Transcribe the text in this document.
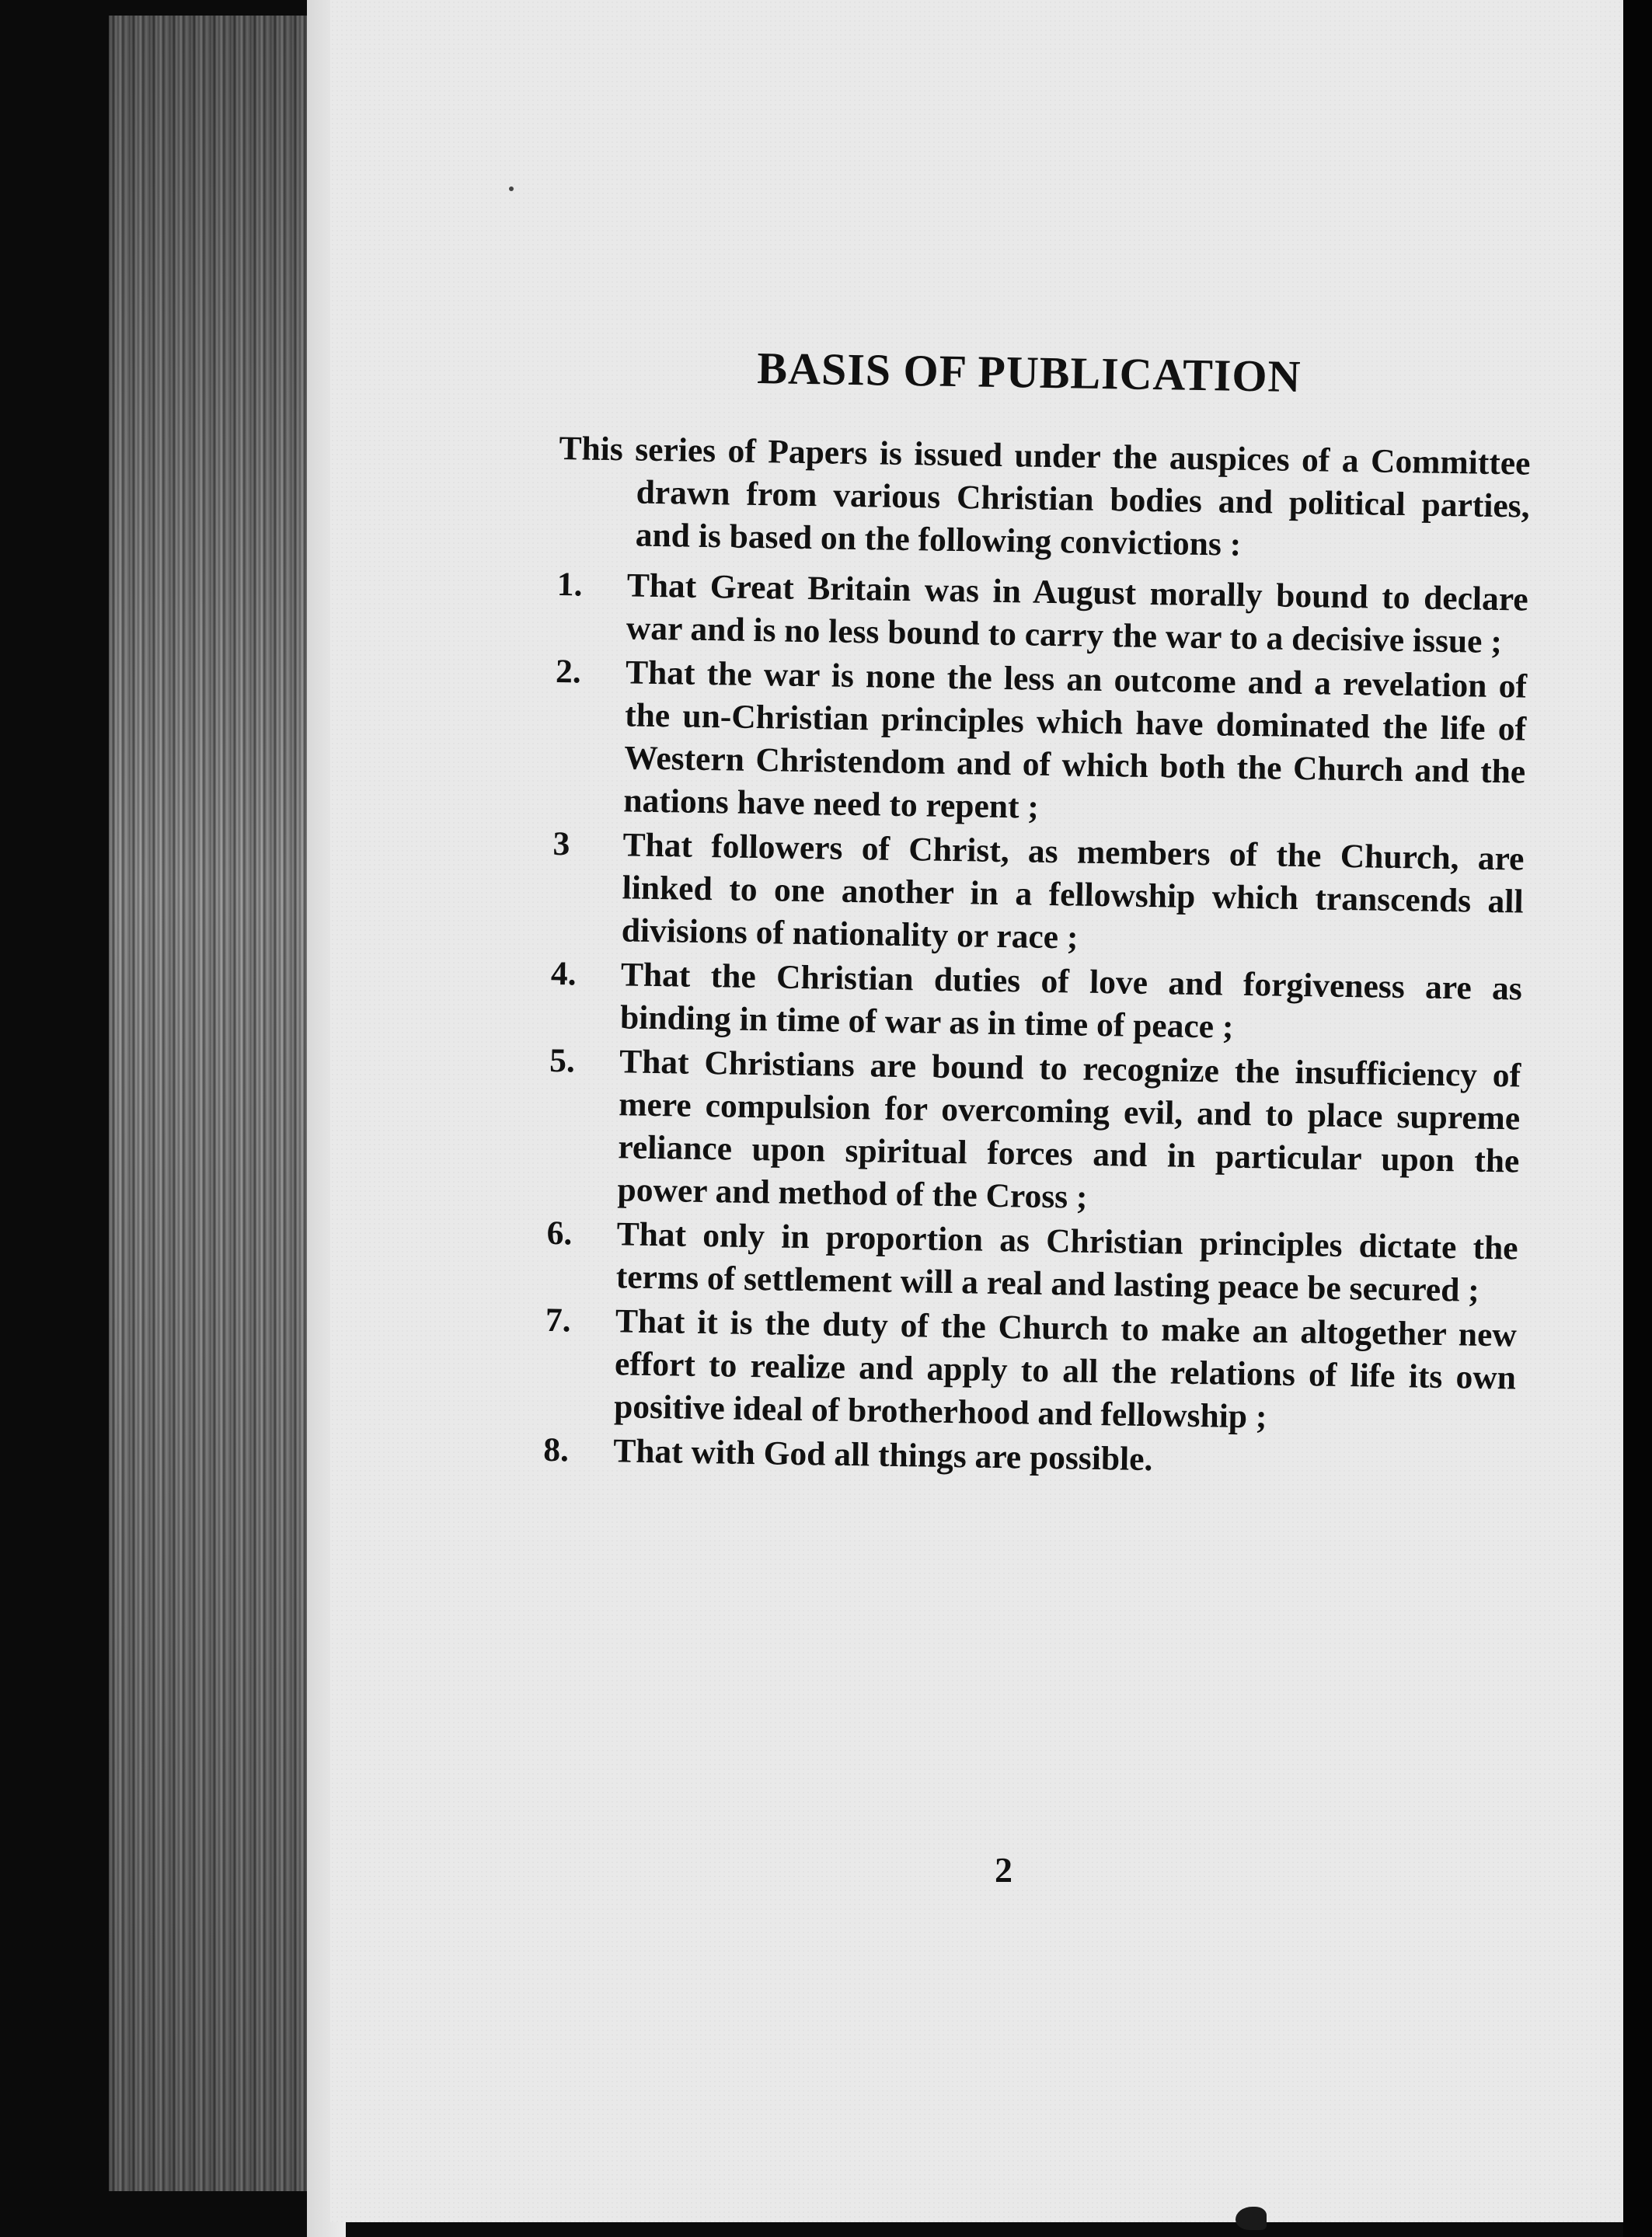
BASIS OF PUBLICATION

This series of Papers is issued under the auspices of a Committee drawn from various Christian bodies and political parties, and is based on the following convictions :

1.	That Great Britain was in August morally bound to declare war and is no less bound to carry the war to a decisive issue ;
2.	That the war is none the less an outcome and a revelation of the un-Christian principles which have dominated the life of Western Christendom and of which both the Church and the nations have need to repent ;
3	That followers of Christ, as members of the Church, are linked to one another in a fellowship which transcends all divisions of nationality or race ;
4.	That the Christian duties of love and forgiveness are as binding in time of war as in time of peace ;
5.	That Christians are bound to recognize the insufficiency of mere compulsion for overcoming evil, and to place supreme reliance upon spiritual forces and in particular upon the power and method of the Cross ;
6.	That only in proportion as Christian principles dictate the terms of settlement will a real and lasting peace be secured ;
7.	That it is the duty of the Church to make an altogether new effort to realize and apply to all the relations of life its own positive ideal of brotherhood and fellowship ;
8.	That with God all things are possible.
2
